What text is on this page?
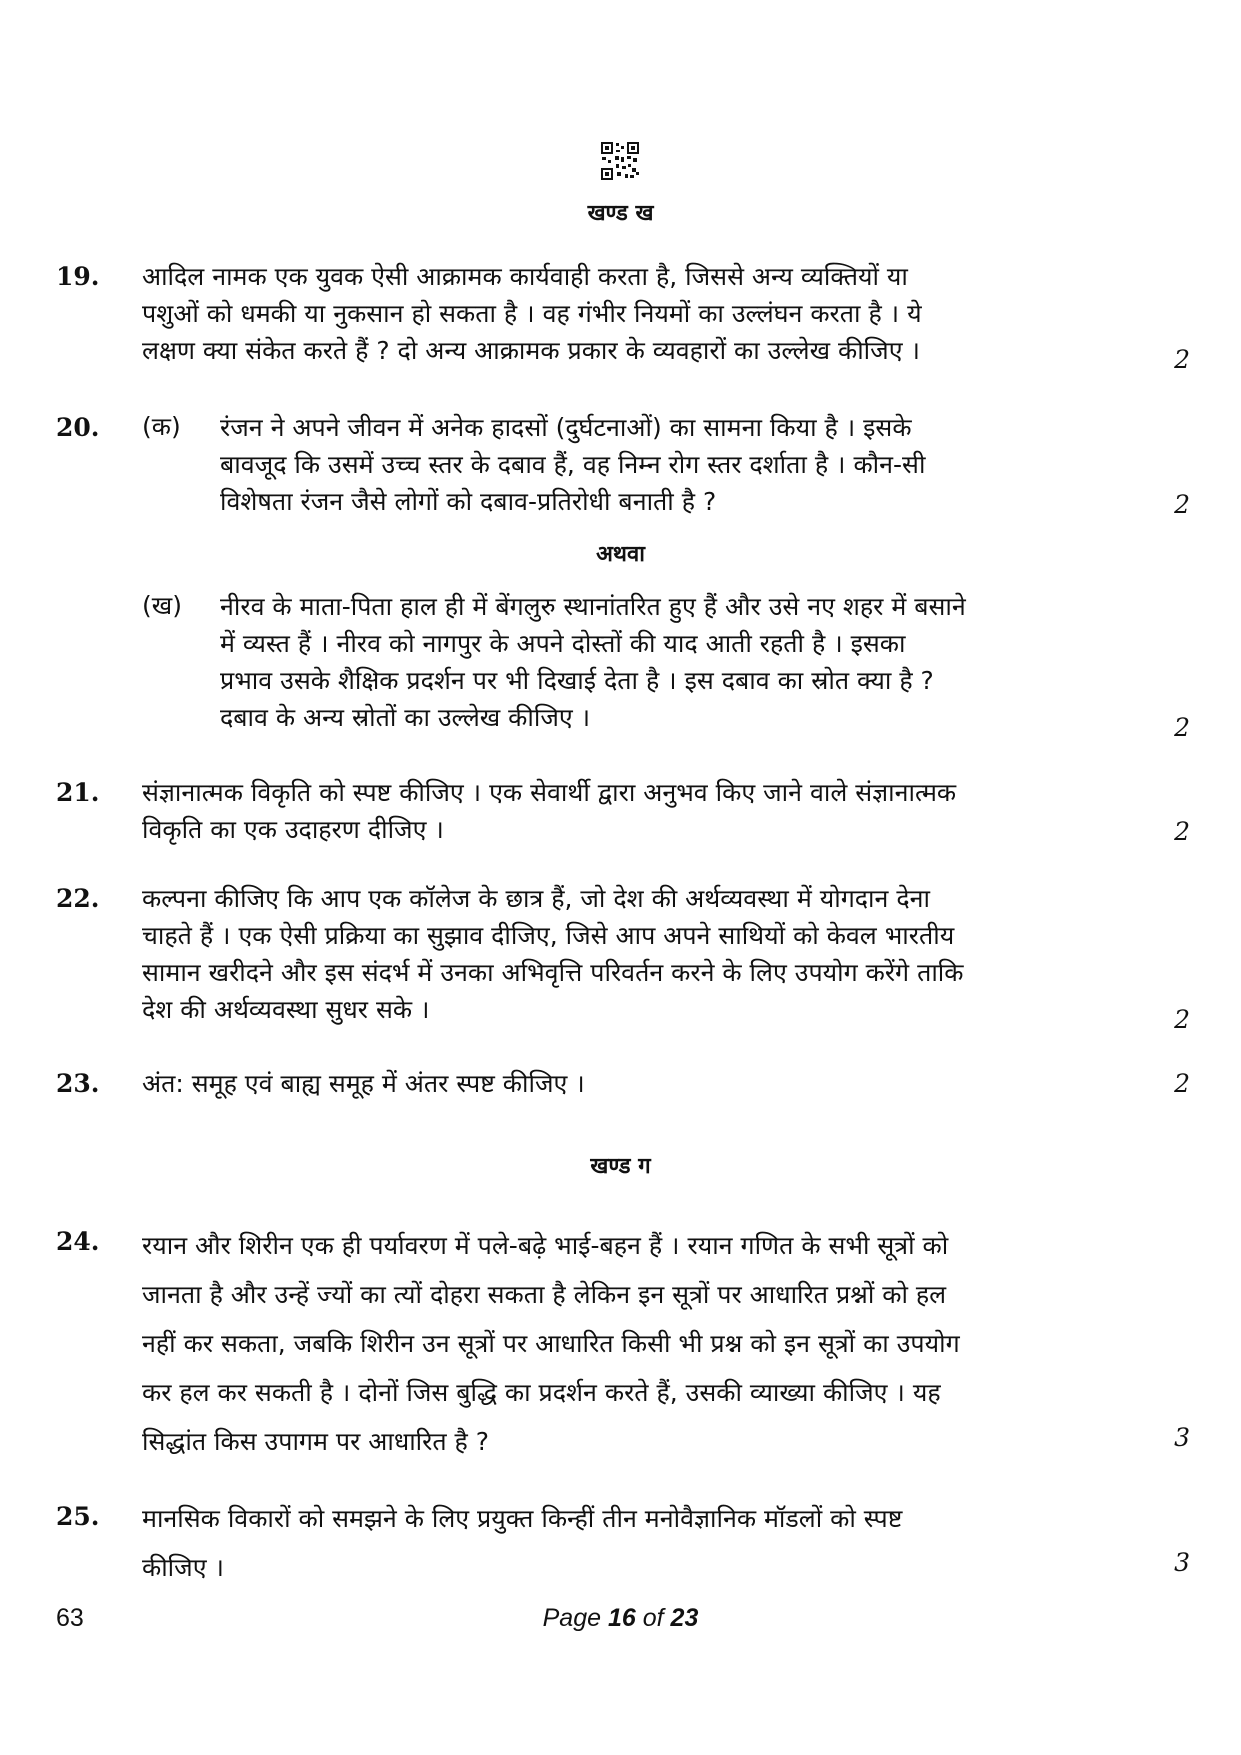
खण्ड ख
19. आदिल नामक एक युवक ऐसी आक्रामक कार्यवाही करता है, जिससे अन्य व्यक्तियों या
पशुओं को धमकी या नुकसान हो सकता है । वह गंभीर नियमों का उल्लंघन करता है । ये
लक्षण क्या संकेत करते हैं ? दो अन्य आक्रामक प्रकार के व्यवहारों का उल्लेख कीजिए ।	2
20. (क) रंजन ने अपने जीवन में अनेक हादसों (दुर्घटनाओं) का सामना किया है । इसके
बावजूद कि उसमें उच्च स्तर के दबाव हैं, वह निम्न रोग स्तर दर्शाता है । कौन-सी
विशेषता रंजन जैसे लोगों को दबाव-प्रतिरोधी बनाती है ?	2
अथवा
(ख) नीरव के माता-पिता हाल ही में बेंगलुरु स्थानांतरित हुए हैं और उसे नए शहर में बसाने
में व्यस्त हैं । नीरव को नागपुर के अपने दोस्तों की याद आती रहती है । इसका
प्रभाव उसके शैक्षिक प्रदर्शन पर भी दिखाई देता है । इस दबाव का स्रोत क्या है ?
दबाव के अन्य स्रोतों का उल्लेख कीजिए ।	2
21. संज्ञानात्मक विकृति को स्पष्ट कीजिए । एक सेवार्थी द्वारा अनुभव किए जाने वाले संज्ञानात्मक
विकृति का एक उदाहरण दीजिए ।	2
22. कल्पना कीजिए कि आप एक कॉलेज के छात्र हैं, जो देश की अर्थव्यवस्था में योगदान देना
चाहते हैं । एक ऐसी प्रक्रिया का सुझाव दीजिए, जिसे आप अपने साथियों को केवल भारतीय
सामान खरीदने और इस संदर्भ में उनका अभिवृत्ति परिवर्तन करने के लिए उपयोग करेंगे ताकि
देश की अर्थव्यवस्था सुधर सके ।	2
23. अंत: समूह एवं बाह्य समूह में अंतर स्पष्ट कीजिए ।	2
खण्ड ग
24. रयान और शिरीन एक ही पर्यावरण में पले-बढ़े भाई-बहन हैं । रयान गणित के सभी सूत्रों को
जानता है और उन्हें ज्यों का त्यों दोहरा सकता है लेकिन इन सूत्रों पर आधारित प्रश्नों को हल
नहीं कर सकता, जबकि शिरीन उन सूत्रों पर आधारित किसी भी प्रश्न को इन सूत्रों का उपयोग
कर हल कर सकती है । दोनों जिस बुद्धि का प्रदर्शन करते हैं, उसकी व्याख्या कीजिए । यह
सिद्धांत किस उपागम पर आधारित है ?	3
25. मानसिक विकारों को समझने के लिए प्रयुक्त किन्हीं तीन मनोवैज्ञानिक मॉडलों को स्पष्ट
कीजिए ।	3
63	Page 16 of 23
